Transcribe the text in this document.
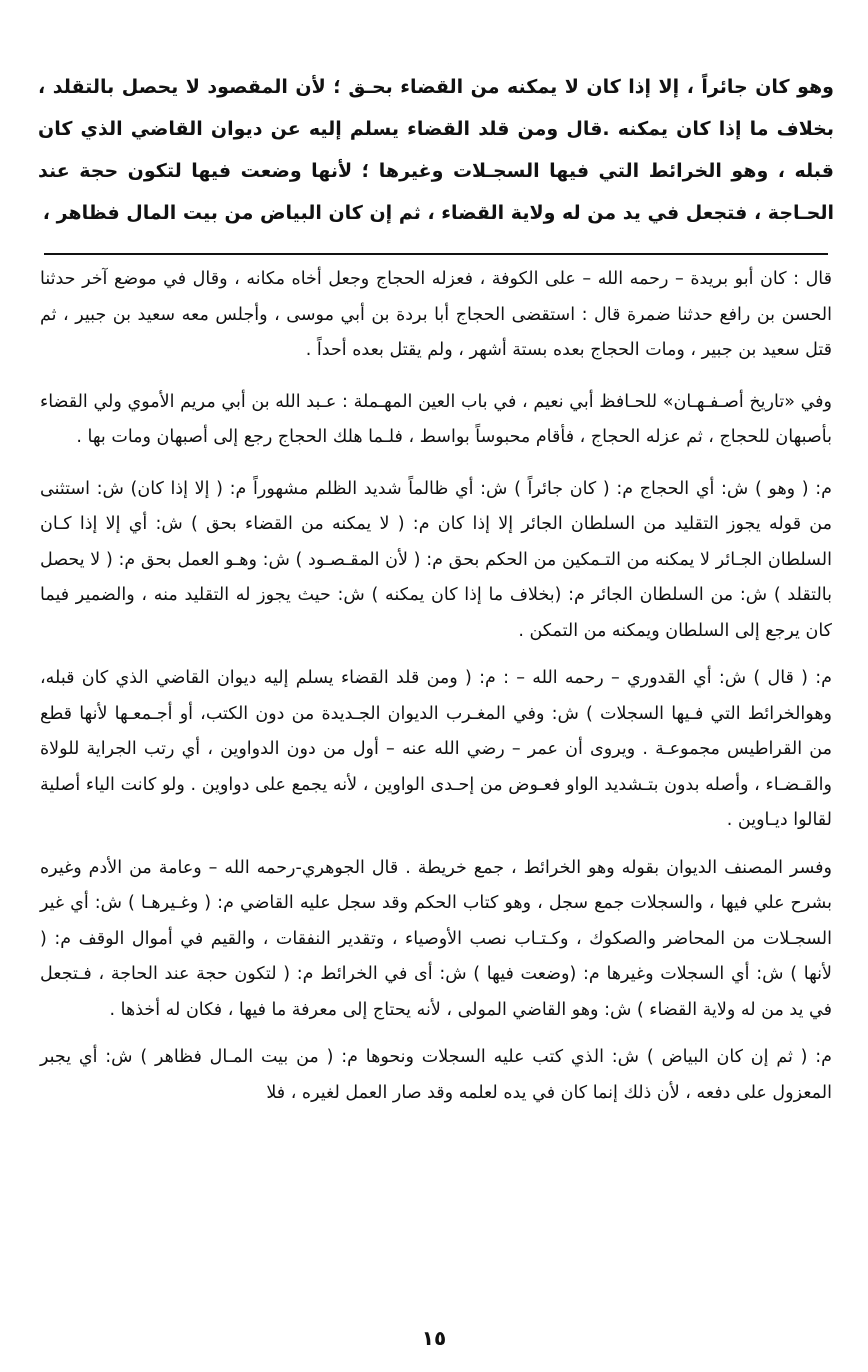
وهو كان جائراً ، إلا إذا كان لا يمكنه من القضاء بحـق ؛ لأن المقصود لا يحصل بالتقلد ، بخلاف ما إذا كان يمكنه .قال ومن قلد القضاء يسلم إليه عن ديوان القاضي الذي كان قبله ، وهو الخرائط التي فيها السجـلات وغيرها ؛ لأنها وضعت فيها لتكون حجة عند الحـاجة ، فتجعل في يد من له ولاية القضاء ، ثم إن كان البياض من بيت المال فظاهر ،

قال : كان أبو بريدة – رحمه الله – على الكوفة ، فعزله الحجاج وجعل أخاه مكانه ، وقال في موضع آخر حدثنا الحسن بن رافع حدثنا ضمرة قال : استقضى الحجاج أبا بردة بن أبي موسى ، وأجلس معه سعيد بن جبير ، ثم قتل سعيد بن جبير ، ومات الحجاج بعده بستة أشهر ، ولم يقتل بعده أحداً .

وفي «تاريخ أصـفـهـان» للحـافظ أبي نعيم ، في باب العين المهـملة : عـبد الله بن أبي مريم الأموي ولي القضاء بأصبهان للحجاج ، ثم عزله الحجاج ، فأقام محبوساً بواسط ، فلـما هلك الحجاج رجع إلى أصبهان ومات بها .

م: ( وهو ) ش: أي الحجاج م: ( كان جائراً ) ش: أي ظالماً شديد الظلم مشهوراً م: ( إلا إذا كان) ش: استثنى من قوله يجوز التقليد من السلطان الجائر إلا إذا كان م: ( لا يمكنه من القضاء بحق ) ش: أي إلا إذا كـان السلطان الجـائر لا يمكنه من التـمكين من الحكم بحق م: ( لأن المقـصـود ) ش: وهـو العمل بحق م: ( لا يحصل بالتقلد ) ش: من السلطان الجائر م: (بخلاف ما إذا كان يمكنه ) ش: حيث يجوز له التقليد منه ، والضمير فيما كان يرجع إلى السلطان ويمكنه من التمكن .

م: ( قال ) ش: أي القدوري – رحمه الله – : م: ( ومن قلد القضاء يسلم إليه ديوان القاضي الذي كان قبله، وهوالخرائط التي فـيها السجلات ) ش: وفي المغـرب الديوان الجـديدة من دون الكتب، أو أجـمعـها لأنها قطع من القراطيس مجموعـة . ويروى أن عمر – رضي الله عنه – أول من دون الدواوين ، أي رتب الجراية للولاة والقـضـاء ، وأصله بدون بتـشديد الواو فعـوض من إحـدى الواوين ، لأنه يجمع على دواوين . ولو كانت الياء أصلية لقالوا ديـاوين .

وفسر المصنف الديوان بقوله وهو الخرائط ، جمع خريطة . قال الجوهري-رحمه الله – وعامة من الأدم وغيره بشرح علي فيها ، والسجلات جمع سجل ، وهو كتاب الحكم وقد سجل عليه القاضي م: ( وغـيرهـا ) ش: أي غير السجـلات من المحاضر والصكوك ، وكـتـاب نصب الأوصياء ، وتقدير النفقات ، والقيم في أموال الوقف م: ( لأنها ) ش: أي السجلات وغيرها م: (وضعت فيها ) ش: أى في الخرائط م: ( لتكون حجة عند الحاجة ، فـتجعل في يد من له ولاية القضاء ) ش: وهو القاضي المولى ، لأنه يحتاج إلى معرفة ما فيها ، فكان له أخذها .

م: ( ثم إن كان البياض ) ش: الذي كتب عليه السجلات ونحوها م: ( من بيت المـال فظاهر ) ش: أي يجبر المعزول على دفعه ، لأن ذلك إنما كان في يده لعلمه وقد صار العمل لغيره ، فلا

١٥
